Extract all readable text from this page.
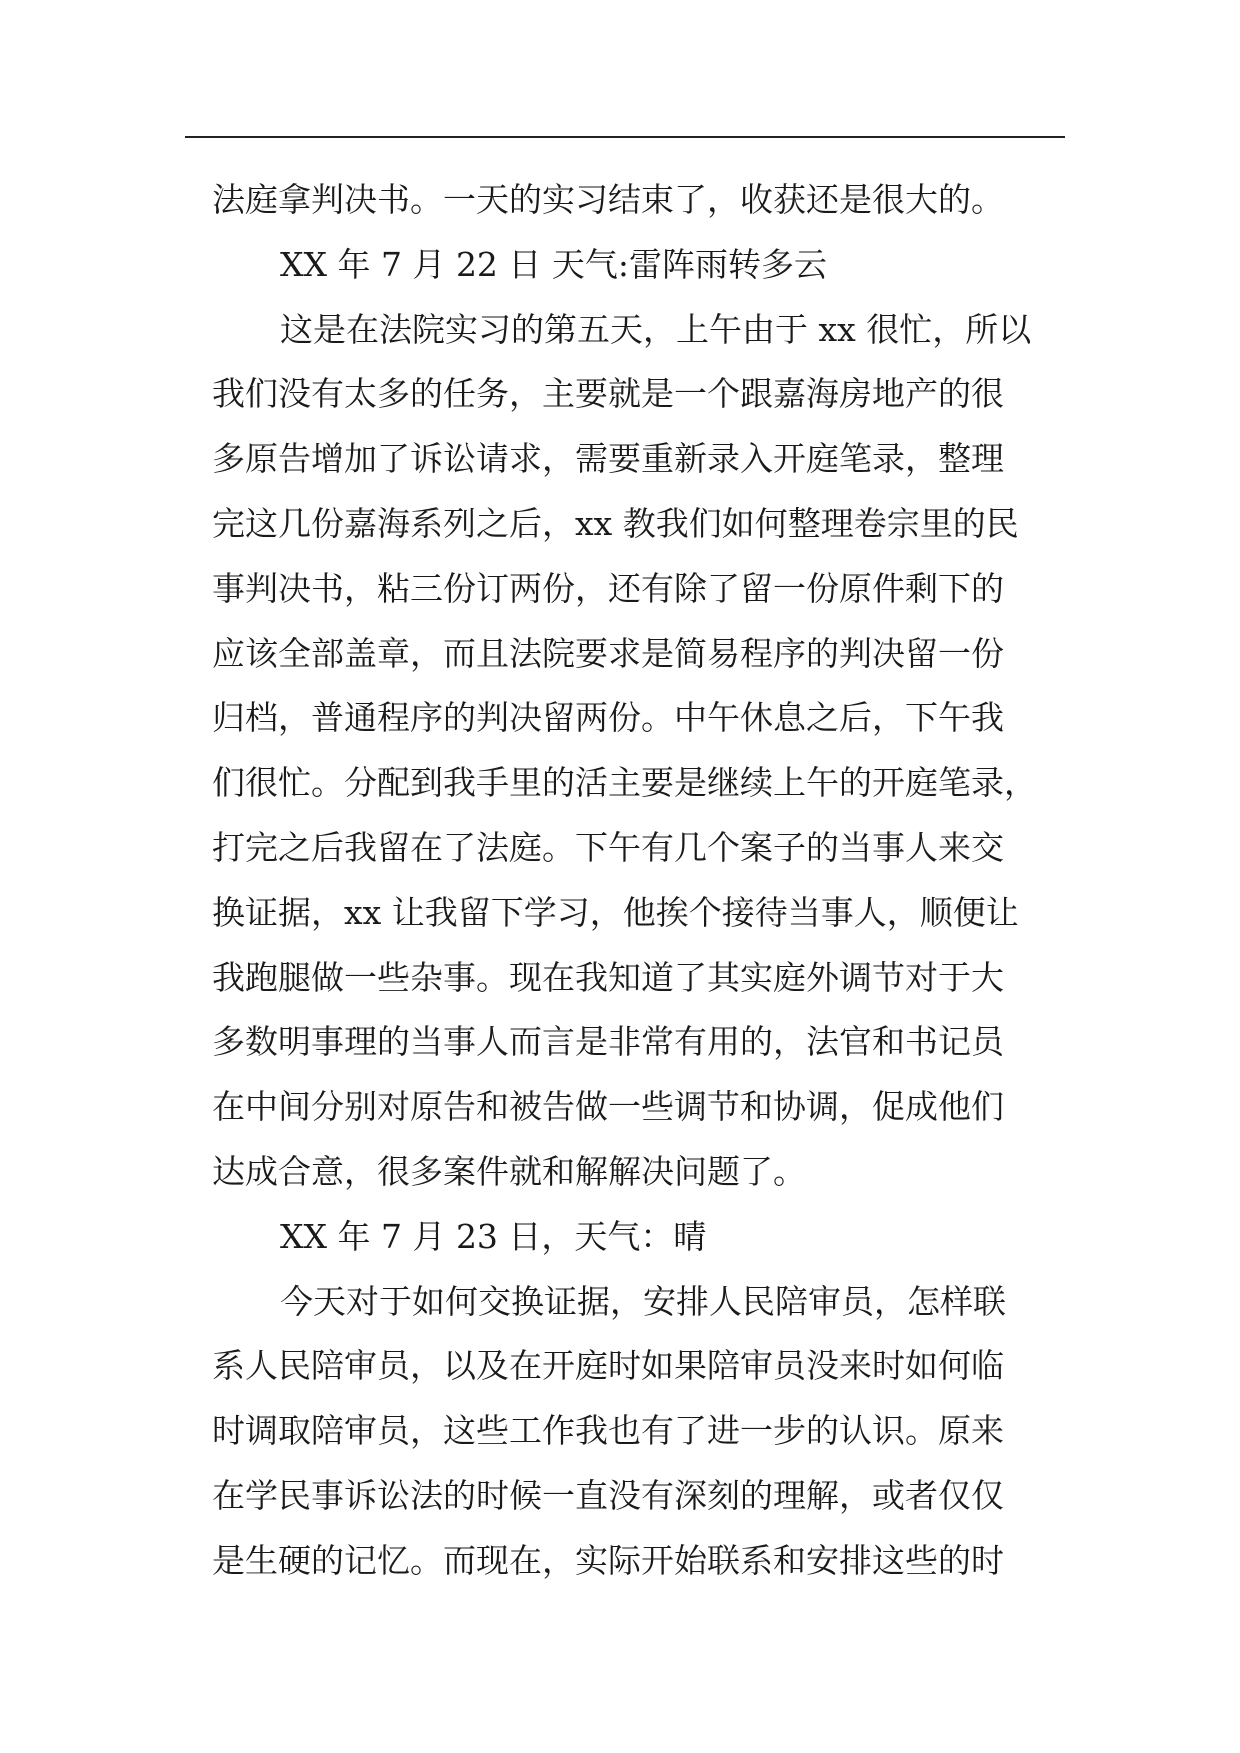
法庭拿判决书。一天的实习结束了，收获还是很大的。
XX 年 7 月 22 日 天气:雷阵雨转多云
这是在法院实习的第五天，上午由于 xx 很忙，所以
我们没有太多的任务，主要就是一个跟嘉海房地产的很
多原告增加了诉讼请求，需要重新录入开庭笔录，整理
完这几份嘉海系列之后，xx 教我们如何整理卷宗里的民
事判决书，粘三份订两份，还有除了留一份原件剩下的
应该全部盖章，而且法院要求是简易程序的判决留一份
归档，普通程序的判决留两份。中午休息之后，下午我
们很忙。分配到我手里的活主要是继续上午的开庭笔录，
打完之后我留在了法庭。下午有几个案子的当事人来交
换证据，xx 让我留下学习，他挨个接待当事人，顺便让
我跑腿做一些杂事。现在我知道了其实庭外调节对于大
多数明事理的当事人而言是非常有用的，法官和书记员
在中间分别对原告和被告做一些调节和协调，促成他们
达成合意，很多案件就和解解决问题了。
XX 年 7 月 23 日，天气：晴
今天对于如何交换证据，安排人民陪审员，怎样联
系人民陪审员，以及在开庭时如果陪审员没来时如何临
时调取陪审员，这些工作我也有了进一步的认识。原来
在学民事诉讼法的时候一直没有深刻的理解，或者仅仅
是生硬的记忆。而现在，实际开始联系和安排这些的时
